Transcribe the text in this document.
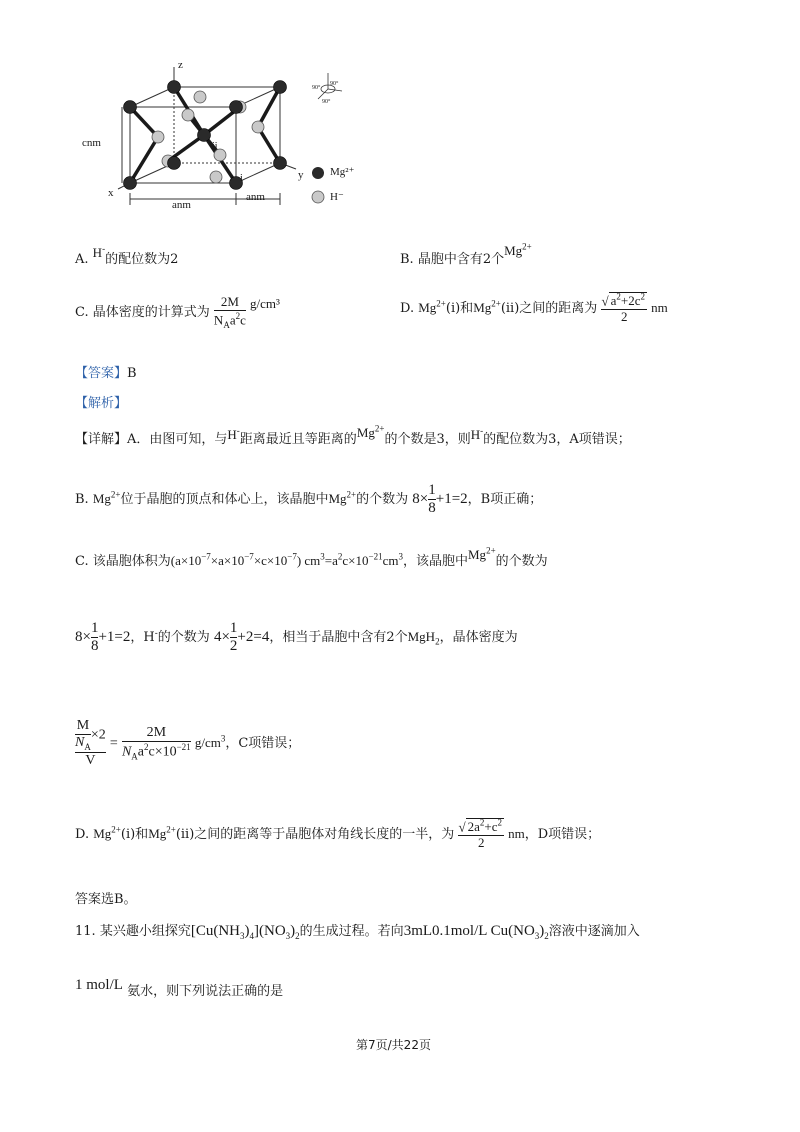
z
x
y
cnm
anm
anm
ii
i
90°
90°
90°
Mg²⁺
H⁻
A. H-的配位数为2	B. 晶胞中含有2个$Mg^{2+}$
C. 晶体密度的计算式为 $\frac{2M}{N_Aa^2c} g/cm^3$	D. $Mg^{2+}(i)$和$Mg^{2+}(ii)$之间的距离为 $\frac{√ a^2+2c^2}{2}$ nm
【答案】B
【解析】
【详解】A．由图可知，与H-距离最近且等距离的$Mg^{2+}$的个数是3，则H-的配位数为3，A项错误；
B. $Mg^{2+}$位于晶胞的顶点和体心上，该晶胞中$Mg^{2+}$的个数为 $8\times \frac{1}{8} +1=2$，B项正确；
C. 该晶胞体积为$(a\times 10^{-7}\times a\times 10^{-7}\times c\times 10^{-7})$ $cm^3=a^2c\times 10^{-21}cm^3$，该晶胞中$Mg^{2+}$的个数为
$8\times \frac{1}{8} +1=2$，H-的个数为 $4\times \frac{1}{2} +2=4$，相当于晶胞中含有2个MgH$_2$，晶体密度为
$\frac{\frac{M}{N_A} \times 2}{V} = \frac{2M}{N_Aa^2c\times 10^{-21}} g/cm^3$，C项错误；
D. $Mg^{2+}(i)$和$Mg^{2+}(ii)$之间的距离等于晶胞体对角线长度的一半，为 $\frac{√ 2a^2+c^2}{2}$ nm，D项错误；
答案选B。
11. 某兴趣小组探究$[Cu(NH_3)_4](NO_3)_2$的生成过程。若向3mL0.1mol/L $Cu(NO_3)_2$溶液中逐滴加入
1 mol/L 氨水，则下列说法正确的是
第7页/共22页
